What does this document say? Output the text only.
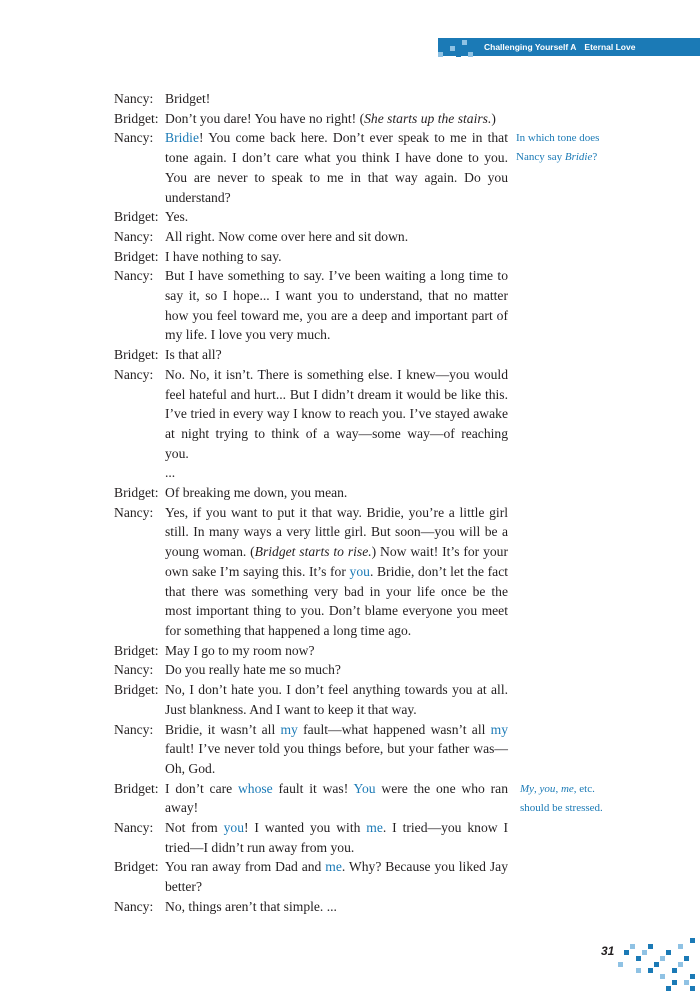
Challenging Yourself A Eternal Love
Nancy: Bridget!
Bridget: Don’t you dare! You have no right! (She starts up the stairs.)
Nancy: Bridie! You come back here. Don’t ever speak to me in that tone again. I don’t care what you think I have done to you. You are never to speak to me in that way again. Do you understand?
Bridget: Yes.
Nancy: All right. Now come over here and sit down.
Bridget: I have nothing to say.
Nancy: But I have something to say. I’ve been waiting a long time to say it, so I hope... I want you to understand, that no matter how you feel toward me, you are a deep and important part of my life. I love you very much.
Bridget: Is that all?
Nancy: No. No, it isn’t. There is something else. I knew—you would feel hateful and hurt... But I didn’t dream it would be like this. I’ve tried in every way I know to reach you. I’ve stayed awake at night trying to think of a way—some way—of reaching you.
...
Bridget: Of breaking me down, you mean.
Nancy: Yes, if you want to put it that way. Bridie, you’re a little girl still. In many ways a very little girl. But soon—you will be a young woman. (Bridget starts to rise.) Now wait! It’s for your own sake I’m saying this. It’s for you. Bridie, don’t let the fact that there was something very bad in your life once be the most important thing to you. Don’t blame everyone you meet for something that happened a long time ago.
Bridget: May I go to my room now?
Nancy: Do you really hate me so much?
Bridget: No, I don’t hate you. I don’t feel anything towards you at all. Just blankness. And I want to keep it that way.
Nancy: Bridie, it wasn’t all my fault—what happened wasn’t all my fault! I’ve never told you things before, but your father was—Oh, God.
Bridget: I don’t care whose fault it was! You were the one who ran away!
Nancy: Not from you! I wanted you with me. I tried—you know I tried—I didn’t run away from you.
Bridget: You ran away from Dad and me. Why? Because you liked Jay better?
Nancy: No, things aren’t that simple. ...
In which tone does
Nancy say Bridie?
My, you, me, etc.
should be stressed.
31
